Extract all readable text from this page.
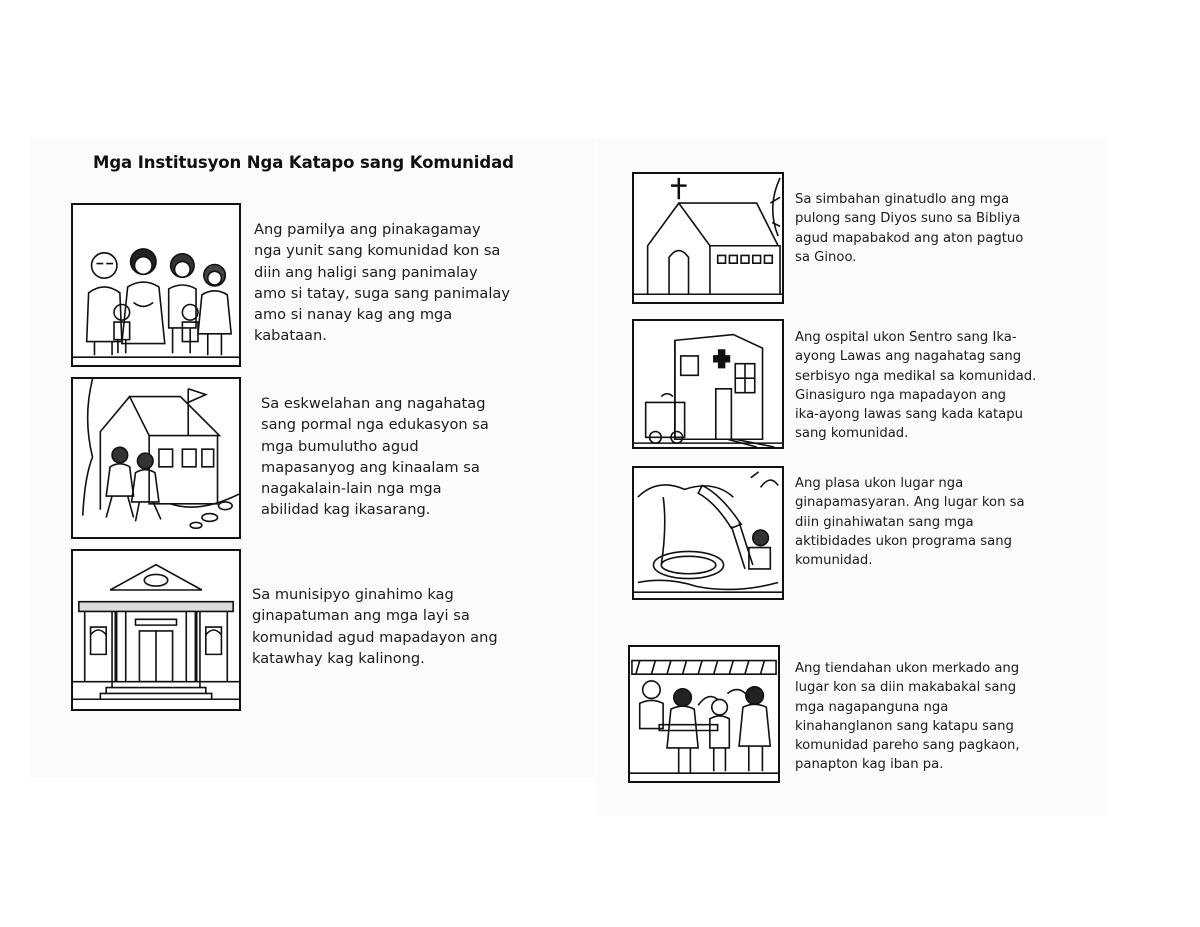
Mga Institusyon Nga Katapo sang Komunidad
Ang pamilya ang pinakagamay
nga yunit sang komunidad kon sa
diin ang haligi sang panimalay
amo si tatay, suga sang panimalay
amo si nanay kag ang mga
kabataan.
Sa eskwelahan ang nagahatag
sang pormal nga edukasyon sa
mga bumulutho agud
mapasanyog ang kinaalam sa
nagakalain-lain nga mga
abilidad kag ikasarang.
Sa munisipyo ginahimo kag
ginapatuman ang mga layi sa
komunidad agud mapadayon ang
katawhay kag kalinong.
Sa simbahan ginatudlo ang mga
pulong sang Diyos suno sa Bibliya
agud mapabakod ang aton pagtuo
sa Ginoo.
Ang ospital ukon Sentro sang Ika-
ayong Lawas ang nagahatag sang
serbisyo nga medikal sa komunidad.
Ginasiguro nga mapadayon ang
ika-ayong lawas sang kada katapu
sang komunidad.
Ang plasa ukon lugar nga
ginapamasyaran. Ang lugar kon sa
diin ginahiwatan sang mga
aktibidades ukon programa sang
komunidad.
Ang tiendahan ukon merkado ang
lugar kon sa diin makabakal sang
mga nagapanguna nga
kinahanglanon sang katapu sang
komunidad pareho sang pagkaon,
panapton kag iban pa.
